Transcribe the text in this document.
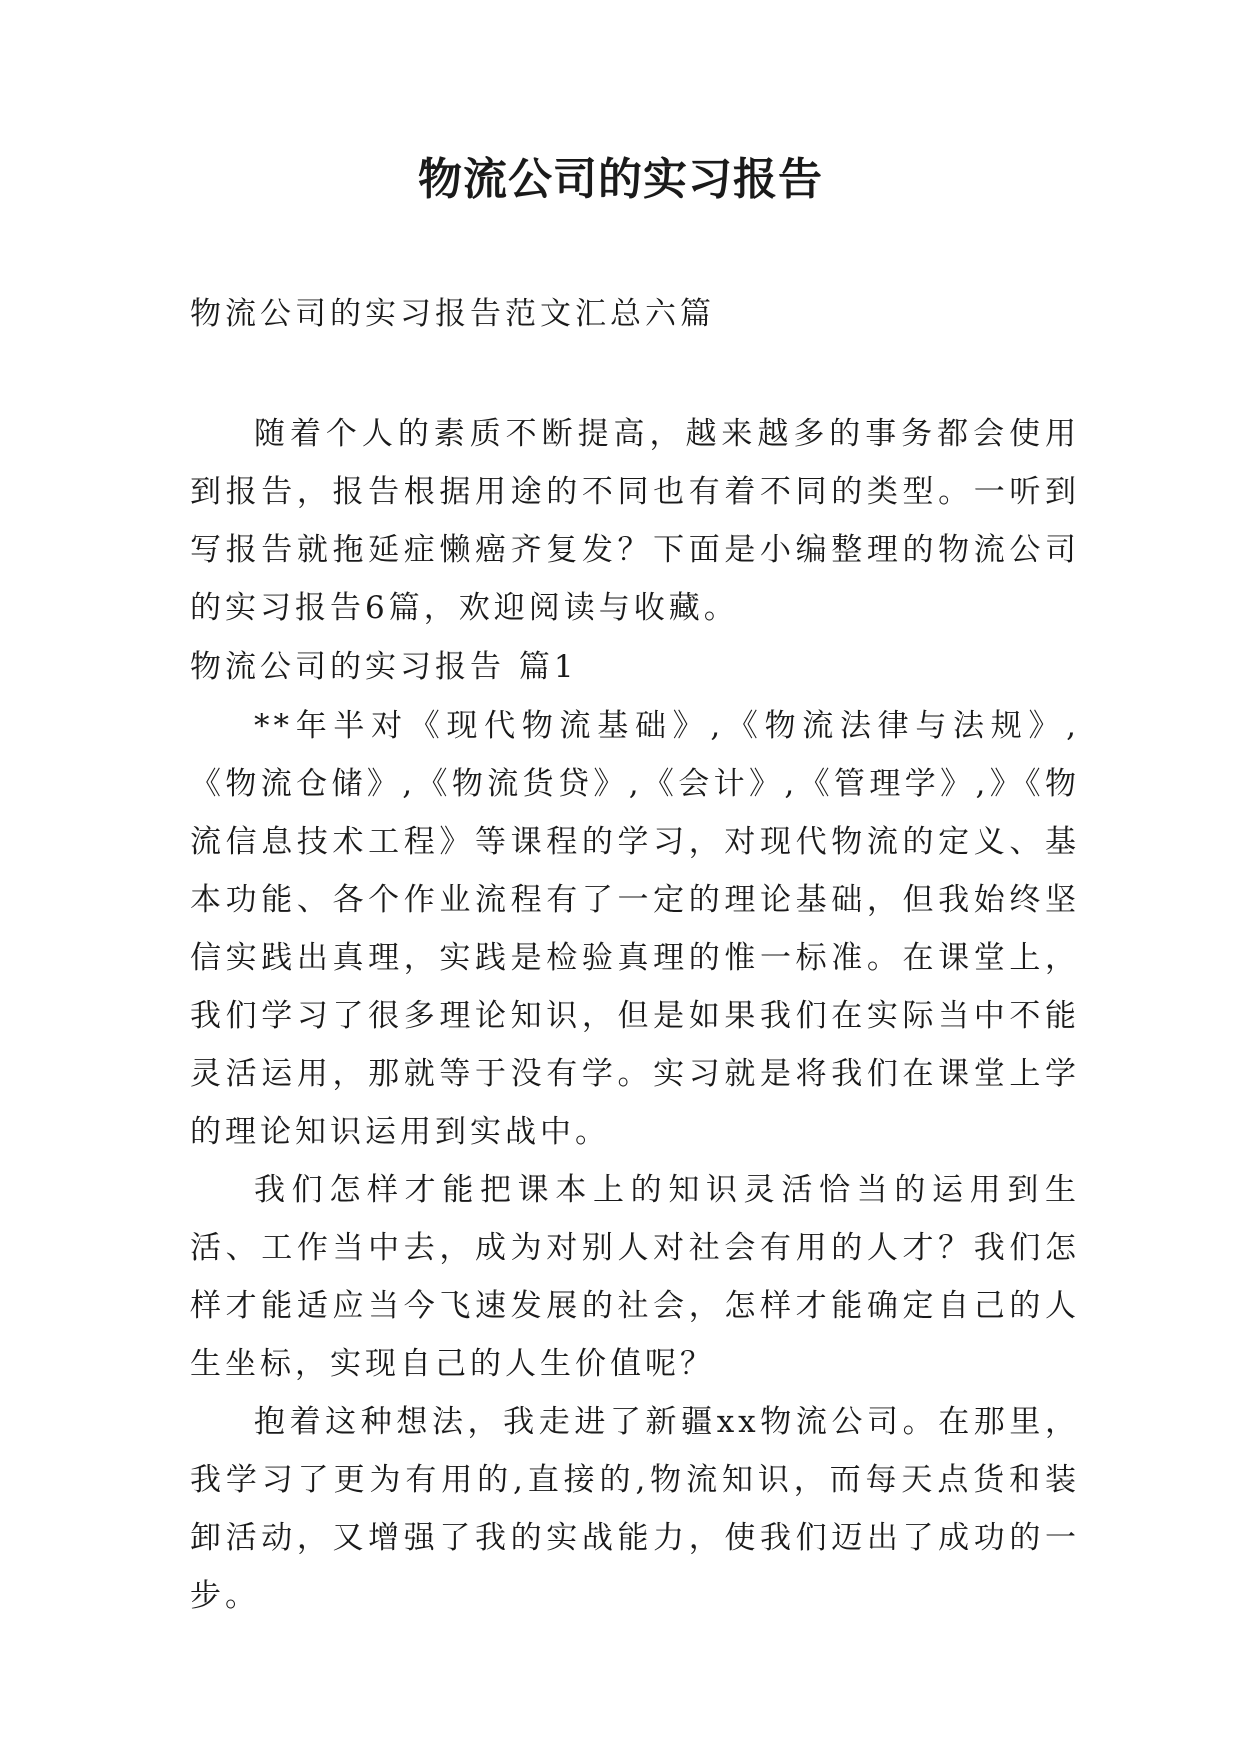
物流公司的实习报告
物流公司的实习报告范文汇总六篇
随着个人的素质不断提高，越来越多的事务都会使用到报告，报告根据用途的不同也有着不同的类型。一听到写报告就拖延症懒癌齐复发？下面是小编整理的物流公司的实习报告6篇，欢迎阅读与收藏。
物流公司的实习报告 篇1
**年半对《现代物流基础》,《物流法律与法规》,《物流仓储》,《物流货贷》,《会计》,《管理学》,》《物流信息技术工程》等课程的学习，对现代物流的定义、基本功能、各个作业流程有了一定的理论基础，但我始终坚信实践出真理，实践是检验真理的惟一标准。在课堂上，我们学习了很多理论知识，但是如果我们在实际当中不能灵活运用，那就等于没有学。实习就是将我们在课堂上学的理论知识运用到实战中。
我们怎样才能把课本上的知识灵活恰当的运用到生活、工作当中去，成为对别人对社会有用的人才？我们怎样才能适应当今飞速发展的社会，怎样才能确定自己的人生坐标，实现自己的人生价值呢？
抱着这种想法，我走进了新疆xx物流公司。在那里，我学习了更为有用的,直接的,物流知识，而每天点货和装卸活动，又增强了我的实战能力，使我们迈出了成功的一步。
